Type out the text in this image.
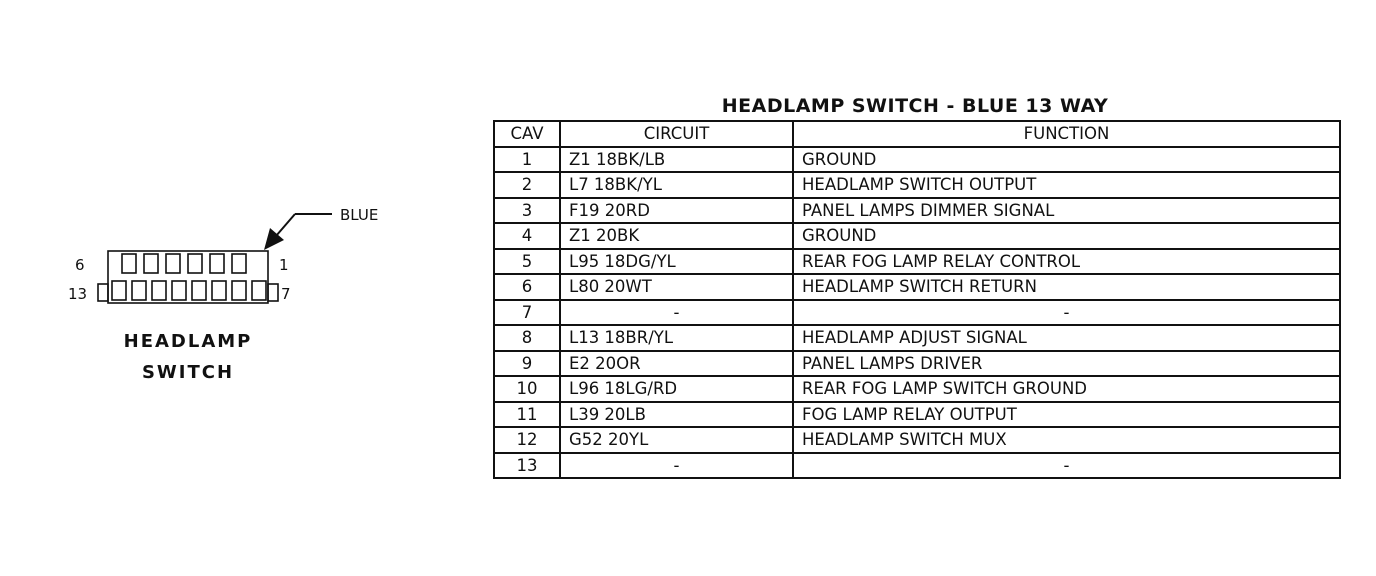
BLUE
6	1
13	7
HEADLAMP
SWITCH
HEADLAMP SWITCH - BLUE 13 WAY
CAV	CIRCUIT	FUNCTION
1	Z1 18BK/LB	GROUND
2	L7 18BK/YL	HEADLAMP SWITCH OUTPUT
3	F19 20RD	PANEL LAMPS DIMMER SIGNAL
4	Z1 20BK	GROUND
5	L95 18DG/YL	REAR FOG LAMP RELAY CONTROL
6	L80 20WT	HEADLAMP SWITCH RETURN
7	-	-
8	L13 18BR/YL	HEADLAMP ADJUST SIGNAL
9	E2 20OR	PANEL LAMPS DRIVER
10	L96 18LG/RD	REAR FOG LAMP SWITCH GROUND
11	L39 20LB	FOG LAMP RELAY OUTPUT
12	G52 20YL	HEADLAMP SWITCH MUX
13	-	-
